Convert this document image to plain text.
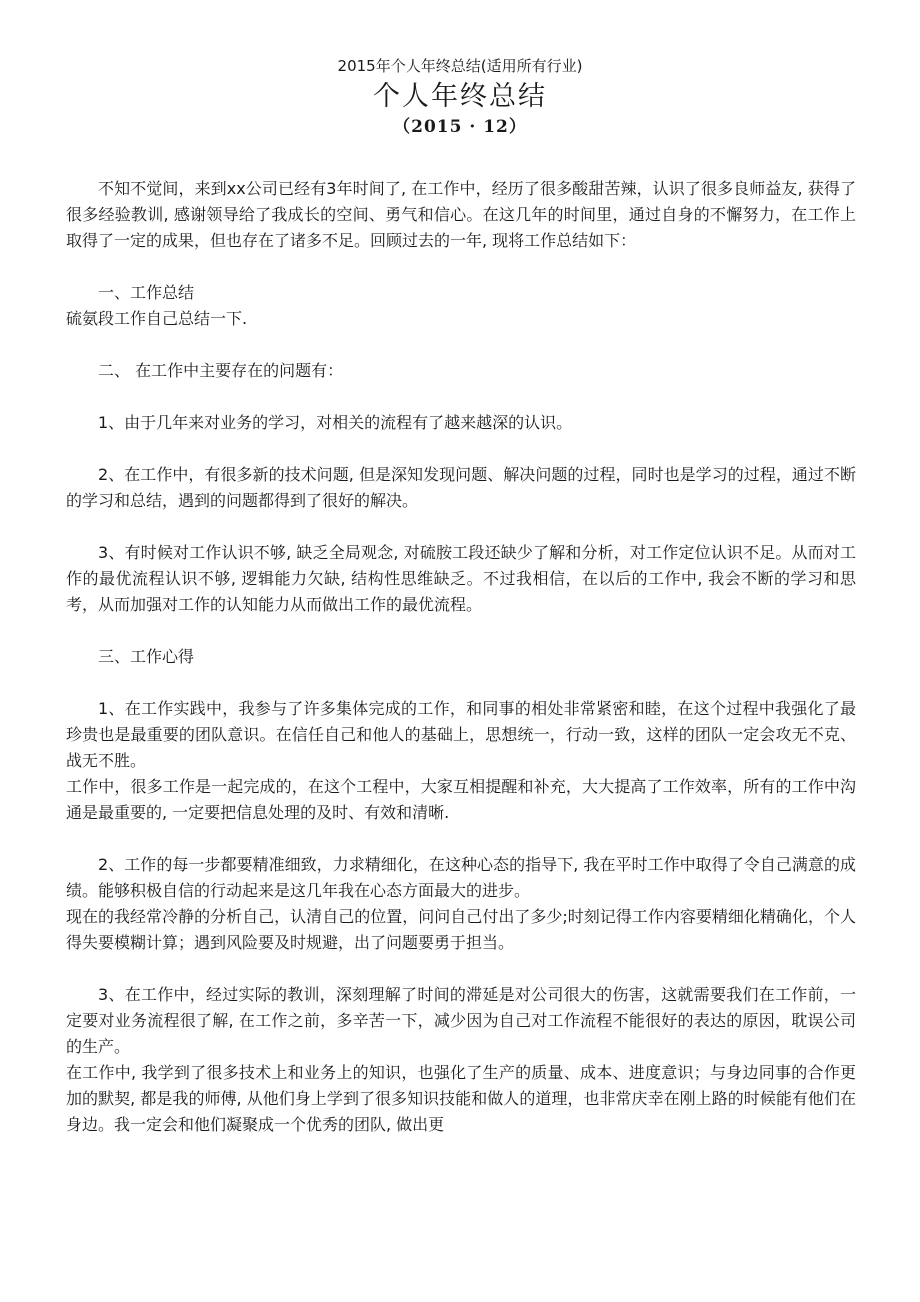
2015年个人年终总结(适用所有行业)
个人年终总结
（2015 · 12）

不知不觉间，来到xx公司已经有3年时间了, 在工作中，经历了很多酸甜苦辣，认识了很多良师益友, 获得了很多经验教训, 感谢领导给了我成长的空间、勇气和信心。在这几年的时间里，通过自身的不懈努力，在工作上取得了一定的成果，但也存在了诸多不足。回顾过去的一年, 现将工作总结如下：

一、工作总结

硫氨段工作自己总结一下.

二、 在工作中主要存在的问题有：

1、由于几年来对业务的学习，对相关的流程有了越来越深的认识。

2、在工作中，有很多新的技术问题, 但是深知发现问题、解决问题的过程，同时也是学习的过程，通过不断的学习和总结，遇到的问题都得到了很好的解决。

3、有时候对工作认识不够, 缺乏全局观念, 对硫胺工段还缺少了解和分析，对工作定位认识不足。从而对工作的最优流程认识不够, 逻辑能力欠缺, 结构性思维缺乏。不过我相信，在以后的工作中, 我会不断的学习和思考，从而加强对工作的认知能力从而做出工作的最优流程。

三、工作心得

1、在工作实践中，我参与了许多集体完成的工作，和同事的相处非常紧密和睦，在这个过程中我强化了最珍贵也是最重要的团队意识。在信任自己和他人的基础上，思想统一，行动一致，这样的团队一定会攻无不克、战无不胜。

工作中，很多工作是一起完成的，在这个工程中，大家互相提醒和补充，大大提高了工作效率，所有的工作中沟通是最重要的, 一定要把信息处理的及时、有效和清晰.

2、工作的每一步都要精准细致，力求精细化，在这种心态的指导下, 我在平时工作中取得了令自己满意的成绩。能够积极自信的行动起来是这几年我在心态方面最大的进步。

现在的我经常冷静的分析自己，认清自己的位置，问问自己付出了多少;时刻记得工作内容要精细化精确化，个人得失要模糊计算；遇到风险要及时规避，出了问题要勇于担当。

3、在工作中，经过实际的教训，深刻理解了时间的滞延是对公司很大的伤害，这就需要我们在工作前，一定要对业务流程很了解, 在工作之前，多辛苦一下，减少因为自己对工作流程不能很好的表达的原因，耽误公司的生产。

在工作中, 我学到了很多技术上和业务上的知识，也强化了生产的质量、成本、进度意识；与身边同事的合作更加的默契, 都是我的师傅, 从他们身上学到了很多知识技能和做人的道理，也非常庆幸在刚上路的时候能有他们在身边。我一定会和他们凝聚成一个优秀的团队, 做出更
